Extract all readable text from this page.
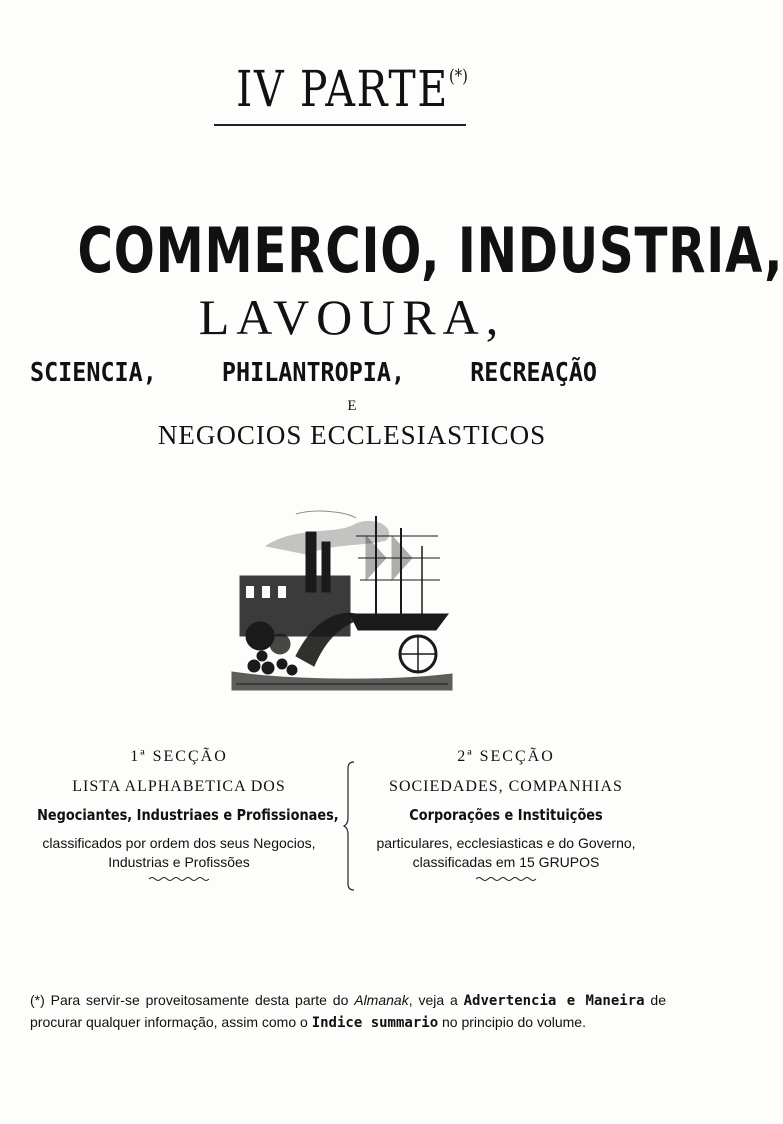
IV PARTE(*)
COMMERCIO, INDUSTRIA,
LAVOURA,
SCIENCIA,	PHILANTROPIA,	RECREAÇÃO
E
NEGOCIOS ECCLESIASTICOS
1ª SECÇÃO
LISTA ALPHABETICA DOS
Negociantes, Industriaes e Profissionaes,
classificados por ordem dos seus Negocios, Industrias e Profissões
2ª SECÇÃO
SOCIEDADES, COMPANHIAS
Corporações e Instituições
particulares, ecclesiasticas e do Governo, classificadas em 15 GRUPOS
(*) Para servir-se proveitosamente desta parte do Almanak, veja a Advertencia e Maneira de procurar qualquer informação, assim como o Indice summario no principio do volume.
